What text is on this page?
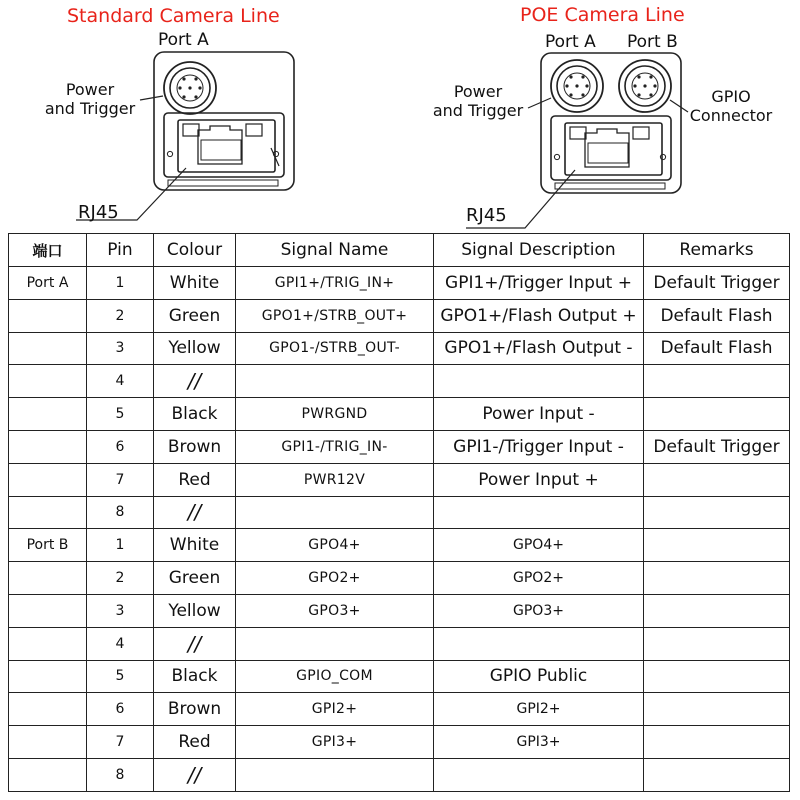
Standard Camera Line
Port A
Power
and Trigger
RJ45
POE Camera Line
Port A Port B
Power
and Trigger
GPIO
Connector
RJ45
端口	Pin	Colour	Signal Name	Signal Description	Remarks
Port A	1	White	GPI1+/TRIG_IN+	GPI1+/Trigger Input +	Default Trigger
	2	Green	GPO1+/STRB_OUT+	GPO1+/Flash Output +	Default Flash
	3	Yellow	GPO1-/STRB_OUT-	GPO1+/Flash Output -	Default Flash
	4	//			
	5	Black	PWRGND	Power Input -	
	6	Brown	GPI1-/TRIG_IN-	GPI1-/Trigger Input -	Default Trigger
	7	Red	PWR12V	Power Input +	
	8	//			
Port B	1	White	GPO4+	GPO4+	
	2	Green	GPO2+	GPO2+	
	3	Yellow	GPO3+	GPO3+	
	4	//			
	5	Black	GPIO_COM	GPIO Public	
	6	Brown	GPI2+	GPI2+	
	7	Red	GPI3+	GPI3+	
	8	//			
